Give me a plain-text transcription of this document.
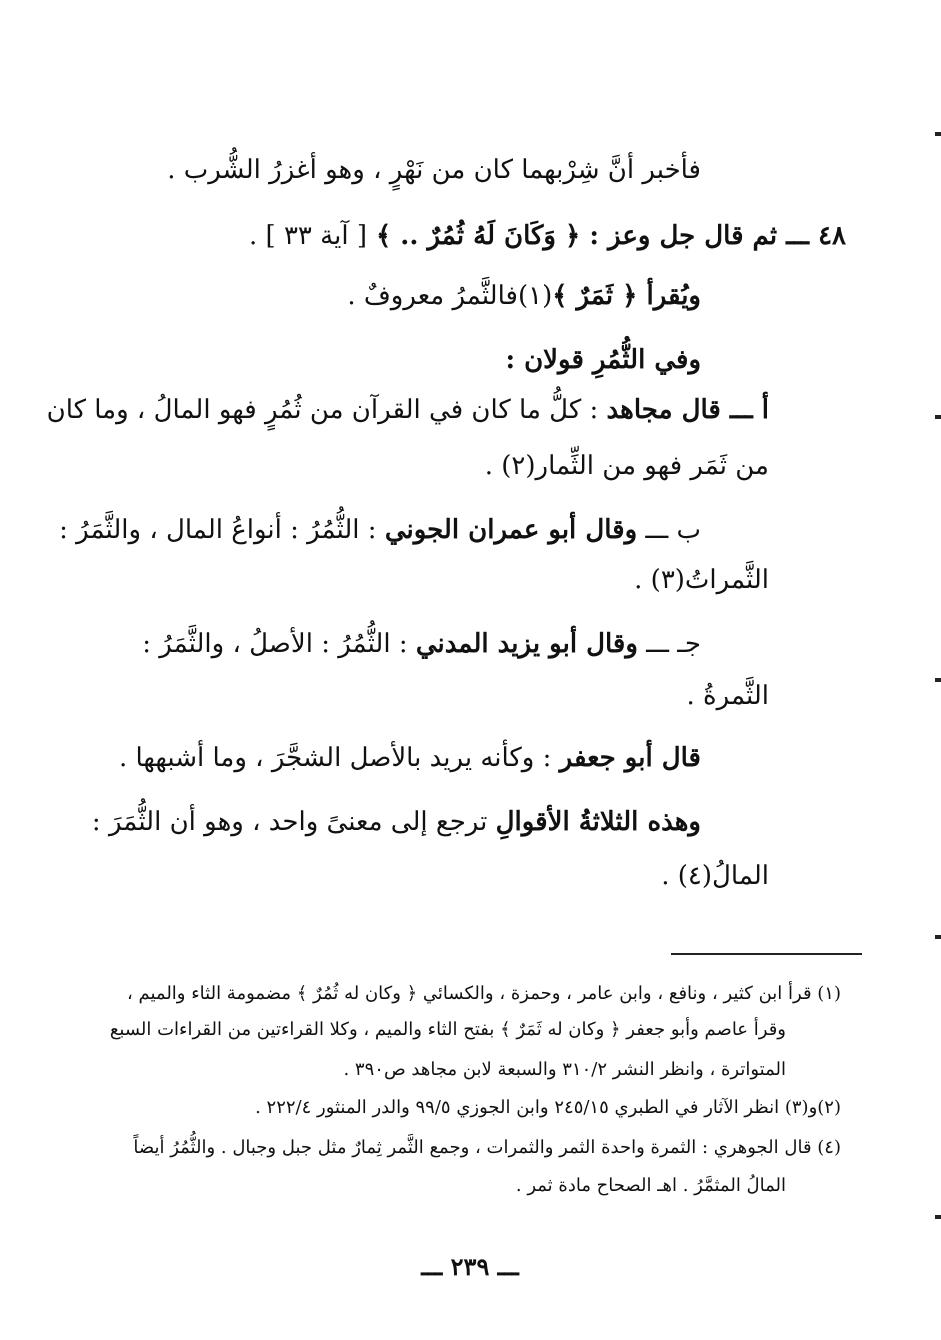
فأخبر أنَّ شِرْبهما كان من نَهْرٍ ، وهو أغزرُ الشُّرب .
٤٨ ـــ ثم قال جل وعز : ﴿ وَكَانَ لَهُ ثُمُرٌ .. ﴾ [ آية ٣٣ ] .
ويُقرأ ﴿ ثَمَرٌ ﴾(١)فالثَّمرُ معروفٌ .
وفي الثُّمُرِ قولان :
أ ـــ قال مجاهد : كلُّ ما كان في القرآن من ثُمُرٍ فهو المالُ ، وما كان
من ثَمَر فهو من الثِّمار(٢) .
ب ـــ وقال أبو عمران الجوني : الثُّمُرُ : أنواعُ المال ، والثَّمَرُ :
الثَّمراتُ(٣) .
جـ ـــ وقال أبو يزيد المدني : الثُّمُرُ : الأصلُ ، والثَّمَرُ :
الثَّمرةُ .
قال أبو جعفر : وكأنه يريد بالأصل الشجَّرَ ، وما أشبهها .
وهذه الثلاثةُ الأقوالِ ترجع إلى معنىً واحد ، وهو أن الثُّمَرَ :
المالُ(٤) .
(١) قرأ ابن كثير ، ونافع ، وابن عامر ، وحمزة ، والكسائي ﴿ وكان له ثُمُرٌ ﴾ مضمومة الثاء والميم ،
وقرأ عاصم وأبو جعفر ﴿ وكان له ثَمَرٌ ﴾ بفتح الثاء والميم ، وكلا القراءتين من القراءات السبع
المتواترة ، وانظر النشر ٣١٠/٢ والسبعة لابن مجاهد ص٣٩٠ .
(٢)و(٣) انظر الآثار في الطبري ٢٤٥/١٥ وابن الجوزي ٩٩/٥ والدر المنثور ٢٢٢/٤ .
(٤) قال الجوهري : الثمرة واحدة الثمر والثمرات ، وجمع الثَّمر ثِمارٌ مثل جبل وجبال . والثُّمُرُ أيضاً
المالُ المثمَّرُ . اهـ الصحاح مادة ثمر .
ـــ ٢٣٩ ـــ
